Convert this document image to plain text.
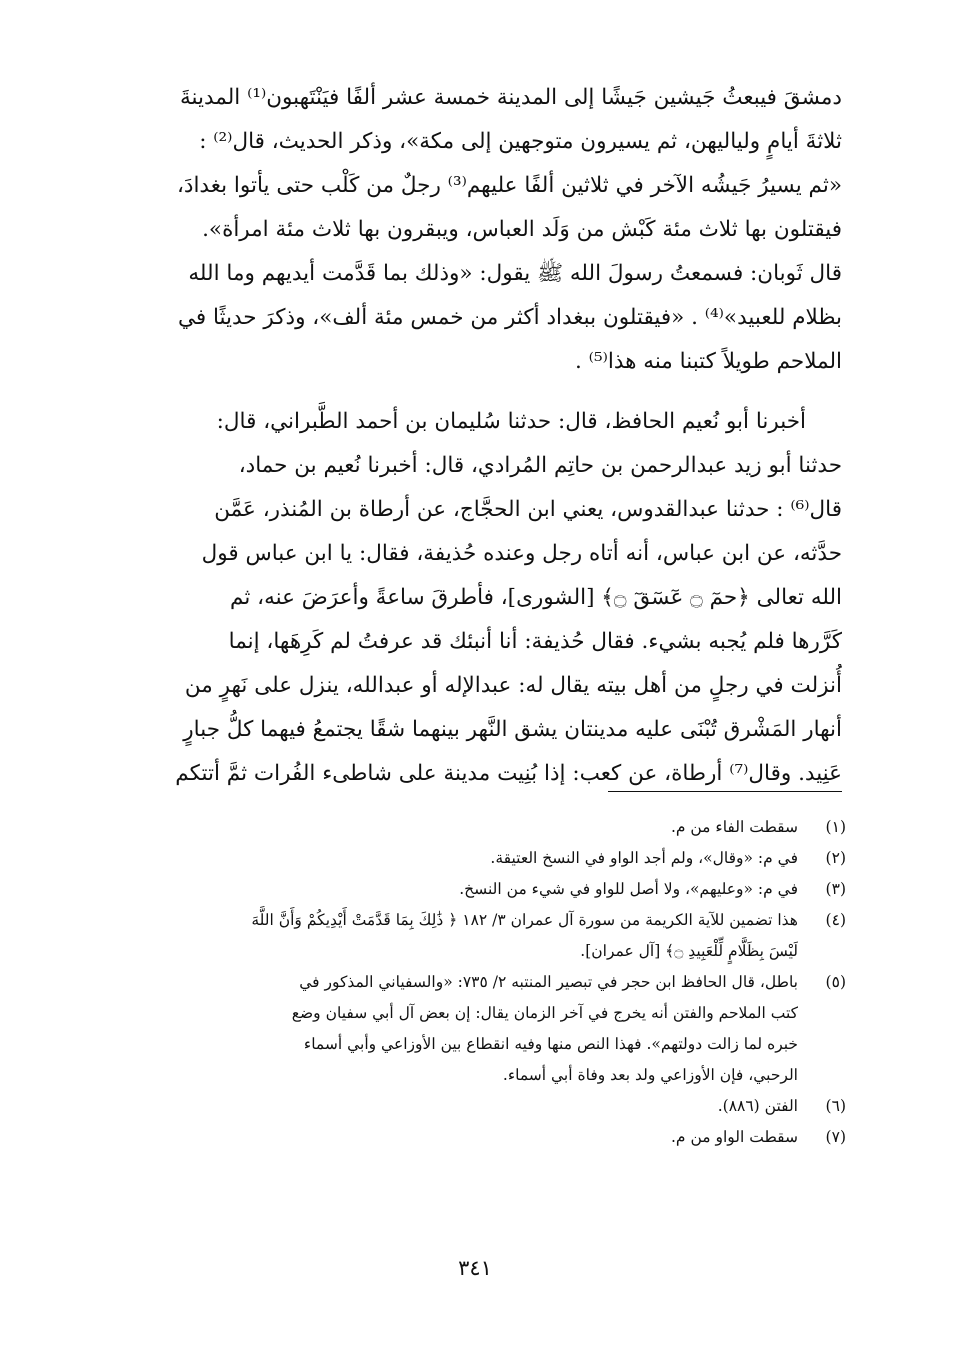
دمشقَ فيبعثُ جَيشين جَيشًا إلى المدينة خمسة عشر ألفًا فيَنْتَهبون⁽¹⁾ المدينةَ
ثلاثةَ أيامٍ ولياليهن، ثم يسيرون متوجهين إلى مكة»، وذكر الحديث، قال⁽²⁾ :
«ثم يسيرُ جَيشُه الآخر في ثلاثين ألفًا عليهم⁽³⁾ رجلٌ من كَلْب حتى يأتوا بغدادَ،
فيقتلون بها ثلاث مئة كَبْش من وَلَد العباس، ويبقرون بها ثلاث مئة امرأة».
قال ثَوبان: فسمعتُ رسولَ الله ﷺ يقول: «وذلك بما قَدَّمت أيديهم وما الله
بظلام للعبيد»⁽⁴⁾ . «فيقتلون ببغداد أكثر من خمس مئة ألف»، وذكرَ حديثًا في
الملاحم طويلاً كتبنا منه هذا⁽⁵⁾ .
أخبرنا أبو نُعيم الحافظ، قال: حدثنا سُليمان بن أحمد الطَّبراني، قال:
حدثنا أبو زيد عبدالرحمن بن حاتِم المُرادي، قال: أخبرنا نُعيم بن حماد،
قال⁽⁶⁾ : حدثنا عبدالقدوس، يعني ابن الحجَّاج، عن أرطاة بن المُنذر، عَمَّن
حدَّثه، عن ابن عباس، أنه أتاه رجل وعنده حُذيفة، فقال: يا ابن عباس قول
الله تعالى ﴿حمٓ ۝ عٓسٓقٓ ۝﴾ [الشورى]، فأطرقَ ساعةً وأعرَضَ عنه، ثم
كَرَّرها فلم يُجبه بشيء. فقال حُذيفة: أنا أنبئك قد عرفتُ لم كَرِهَها، إنما
أُنزلت في رجلٍ من أهل بيته يقال له: عبدالإله أو عبدالله، ينزل على نَهرٍ من
أنهار المَشْرق تُبْنَى عليه مدينتان يشق النَّهر بينهما شقًا يجتمعُ فيهما كلُّ جبارٍ
عَنِيد. وقال⁽⁷⁾ أرطاة، عن كعب: إذا بُنِيت مدينة على شاطىء الفُرات ثمَّ أتتكم
(١)
سقطت الفاء من م.
(٢)
في م: «وقال»، ولم أجد الواو في النسخ العتيقة.
(٣)
في م: «وعليهم»، ولا أصل للواو في شيء من النسخ.
(٤)
هذا تضمين للآية الكريمة من سورة آل عمران ٣/ ١٨٢ ﴿ ذَٰلِكَ بِمَا قَدَّمَتْ أَيْدِيكُمْ وَأَنَّ اللَّهَ
لَيْسَ بِظَلَّامٍ لِّلْعَبِيدِ ۝﴾ [آل عمران].
(٥)
باطل، قال الحافظ ابن حجر في تبصير المنتبه ٢/ ٧٣٥: «والسفياني المذكور في
كتب الملاحم والفتن أنه يخرج في آخر الزمان يقال: إن بعض آل أبي سفيان وضع
خبره لما زالت دولتهم». فهذا النص منها وفيه انقطاع بين الأوزاعي وأبي أسماء
الرحبي، فإن الأوزاعي ولد بعد وفاة أبي أسماء.
(٦)
الفتن (٨٨٦).
(٧)
سقطت الواو من م.
٣٤١
